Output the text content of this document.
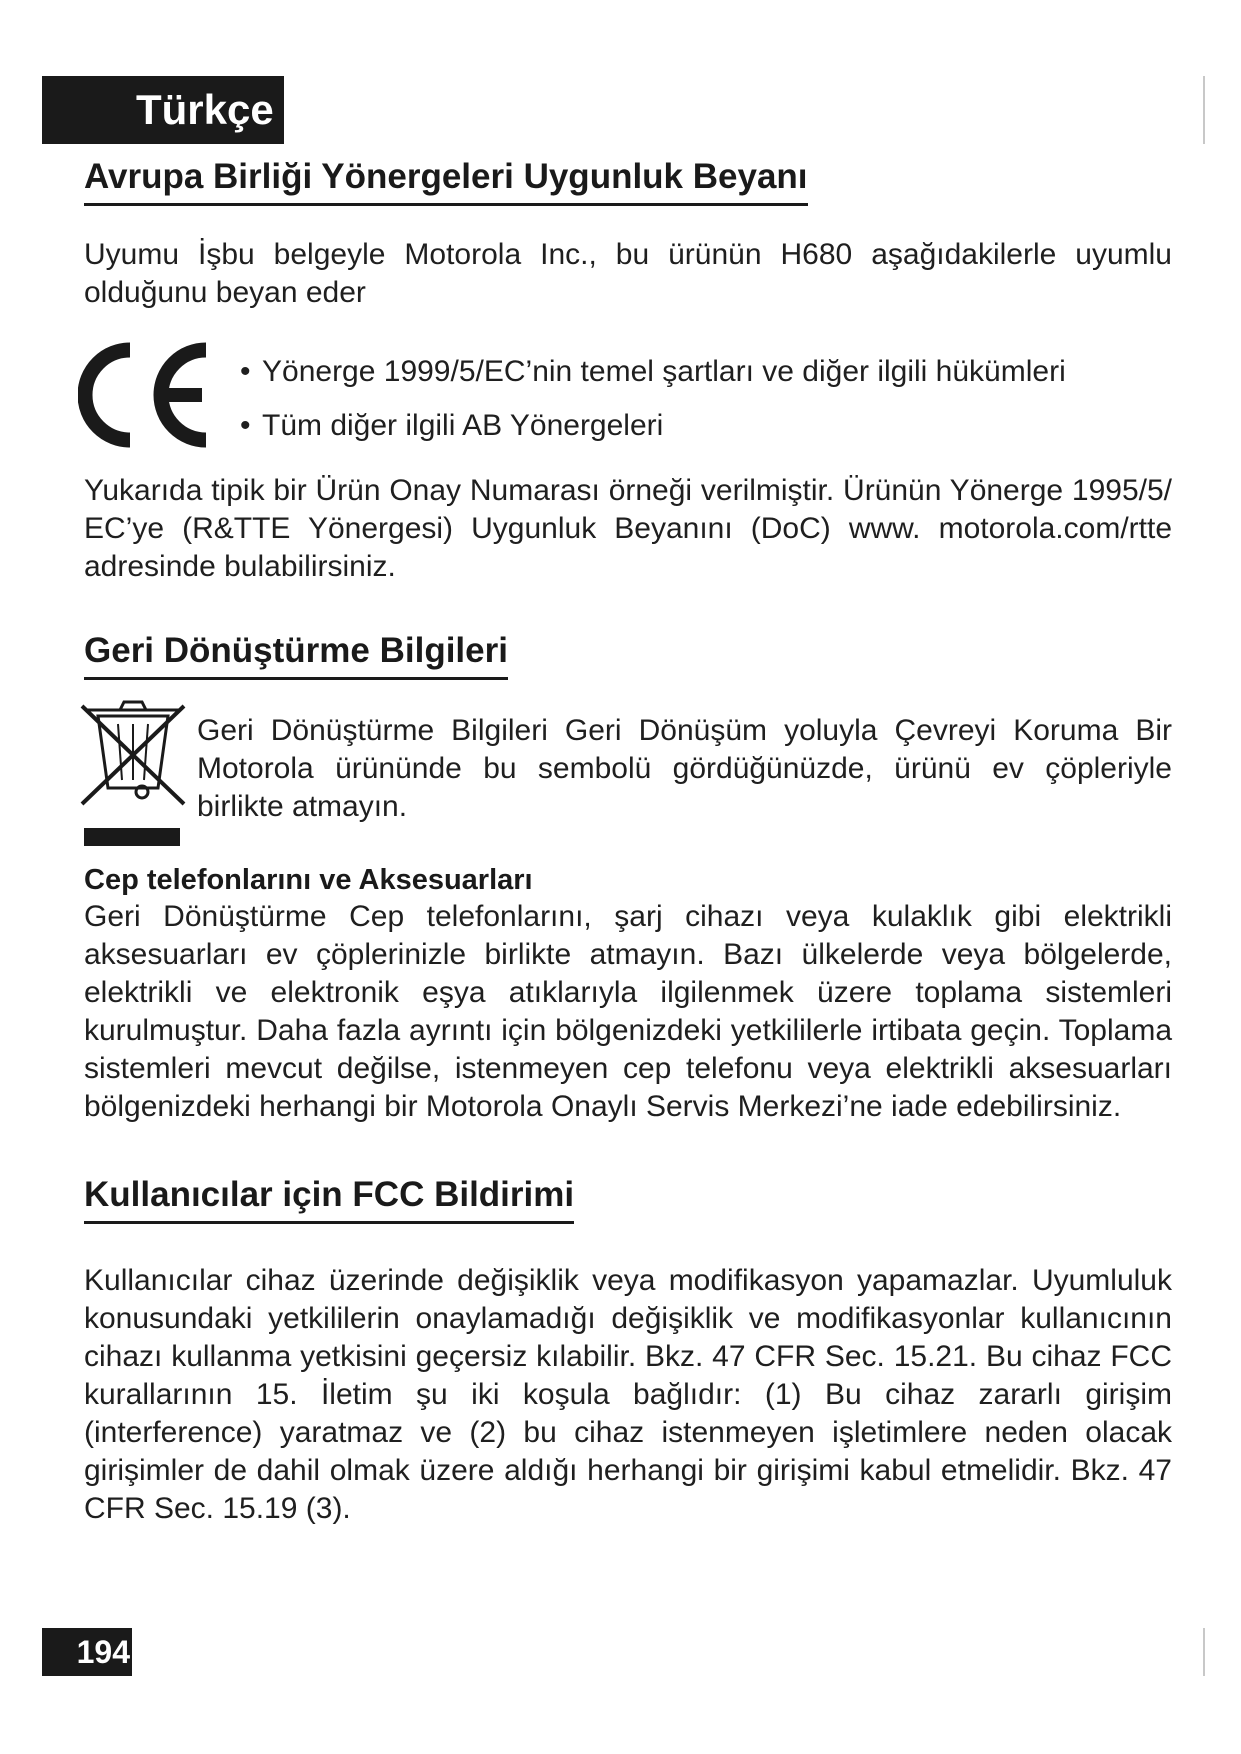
Türkçe
Avrupa Birliği Yönergeleri Uygunluk Beyanı

Uyumu İşbu belgeyle Motorola Inc., bu ürünün H680 aşağıdakilerle uyumlu olduğunu beyan eder

• Yönerge 1999/5/EC’nin temel şartları ve diğer ilgili hükümleri
• Tüm diğer ilgili AB Yönergeleri

Yukarıda tipik bir Ürün Onay Numarası örneği verilmiştir. Ürünün Yönerge 1995/5/ EC’ye (R&TTE Yönergesi) Uygunluk Beyanını (DoC) www. motorola.com/rtte adresinde bulabilirsiniz.

Geri Dönüştürme Bilgileri

Geri Dönüştürme Bilgileri Geri Dönüşüm yoluyla Çevreyi Koruma Bir Motorola ürününde bu sembolü gördüğünüzde, ürünü ev çöpleriyle birlikte atmayın.

Cep telefonlarını ve Aksesuarları

Geri Dönüştürme Cep telefonlarını, şarj cihazı veya kulaklık gibi elektrikli aksesuarları ev çöplerinizle birlikte atmayın. Bazı ülkelerde veya bölgelerde, elektrikli ve elektronik eşya atıklarıyla ilgilenmek üzere toplama sistemleri kurulmuştur. Daha fazla ayrıntı için bölgenizdeki yetkililerle irtibata geçin. Toplama sistemleri mevcut değilse, istenmeyen cep telefonu veya elektrikli aksesuarları bölgenizdeki herhangi bir Motorola Onaylı Servis Merkezi’ne iade edebilirsiniz.

Kullanıcılar için FCC Bildirimi

Kullanıcılar cihaz üzerinde değişiklik veya modifikasyon yapamazlar. Uyumluluk konusundaki yetkililerin onaylamadığı değişiklik ve modifikasyonlar kullanıcının cihazı kullanma yetkisini geçersiz kılabilir. Bkz. 47 CFR Sec. 15.21. Bu cihaz FCC kurallarının 15. İletim şu iki koşula bağlıdır: (1) Bu cihaz zararlı girişim (interference) yaratmaz ve (2) bu cihaz istenmeyen işletimlere neden olacak girişimler de dahil olmak üzere aldığı herhangi bir girişimi kabul etmelidir. Bkz. 47 CFR Sec. 15.19 (3).

194
